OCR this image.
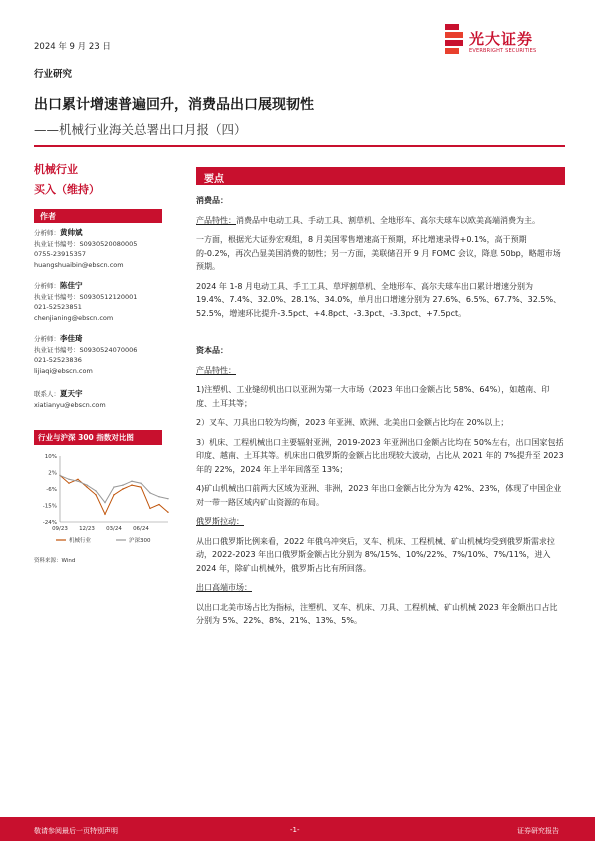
2024 年 9 月 23 日	光大证券
EVERBRIGHT SECURITIES
行业研究
出口累计增速普遍回升，消费品出口展现韧性
——机械行业海关总署出口月报（四）
机械行业
买入（维持）
作者
分析师：黄帅斌
执业证书编号：S0930520080005
0755-23915357
huangshuaibin@ebscn.com
分析师：陈佳宁
执业证书编号：S0930512120001
021-52523851
chenjianing@ebscn.com
分析师：李佳琦
执业证书编号：S0930524070006
021-52523836
lijiaqi@ebscn.com
联系人：夏天宇
xiatianyu@ebscn.com
行业与沪深 300 指数对比图
10%
2%
-6%
-15%
-24%
09/23 12/23 03/24 06/24
机械行业	沪深300
资料来源：Wind
要点
消费品：
产品特性：消费品中电动工具、手动工具、割草机、全地形车、高尔夫球车以欧美高端消费为主。
一方面，根据光大证券宏观组，8 月美国零售增速高于预期，环比增速录得+0.1%，高于预期的-0.2%，再次凸显美国消费的韧性；另一方面，美联储召开 9 月 FOMC 会议，降息 50bp，略超市场预期。
2024 年 1-8 月电动工具、手工工具、草坪割草机、全地形车、高尔夫球车出口累计增速分别为 19.4%、7.4%、32.0%、28.1%、34.0%，单月出口增速分别为 27.6%、6.5%、67.7%、32.5%、52.5%，增速环比提升-3.5pct、+4.8pct、-3.3pct、-3.3pct、+7.5pct。
资本品：
产品特性：
1)注塑机、工业缝纫机出口以亚洲为第一大市场（2023 年出口金额占比 58%、64%），如越南、印度、土耳其等；
2）叉车、刀具出口较为均衡，2023 年亚洲、欧洲、北美出口金额占比均在 20%以上；
3）机床、工程机械出口主要辐射亚洲，2019-2023 年亚洲出口金额占比均在 50%左右，出口国家包括印度、越南、土耳其等。机床出口俄罗斯的金额占比出现较大波动，占比从 2021 年的 7%提升至 2023 年的 22%，2024 年上半年回落至 13%；
4)矿山机械出口前两大区域为亚洲、非洲，2023 年出口金额占比分为为 42%、23%，体现了中国企业对一带一路区域内矿山资源的布局。
俄罗斯拉动：
从出口俄罗斯比例来看，2022 年俄乌冲突后，叉车、机床、工程机械、矿山机械均受到俄罗斯需求拉动，2022-2023 年出口俄罗斯金额占比分别为 8%/15%、10%/22%、7%/10%、7%/11%，进入 2024 年，除矿山机械外，俄罗斯占比有所回落。
出口高端市场：
以出口北美市场占比为指标，注塑机、叉车、机床、刀具、工程机械、矿山机械 2023 年金额出口占比分别为 5%、22%、8%、21%、13%、5%。
敬请参阅最后一页特别声明	-1-	证券研究报告
